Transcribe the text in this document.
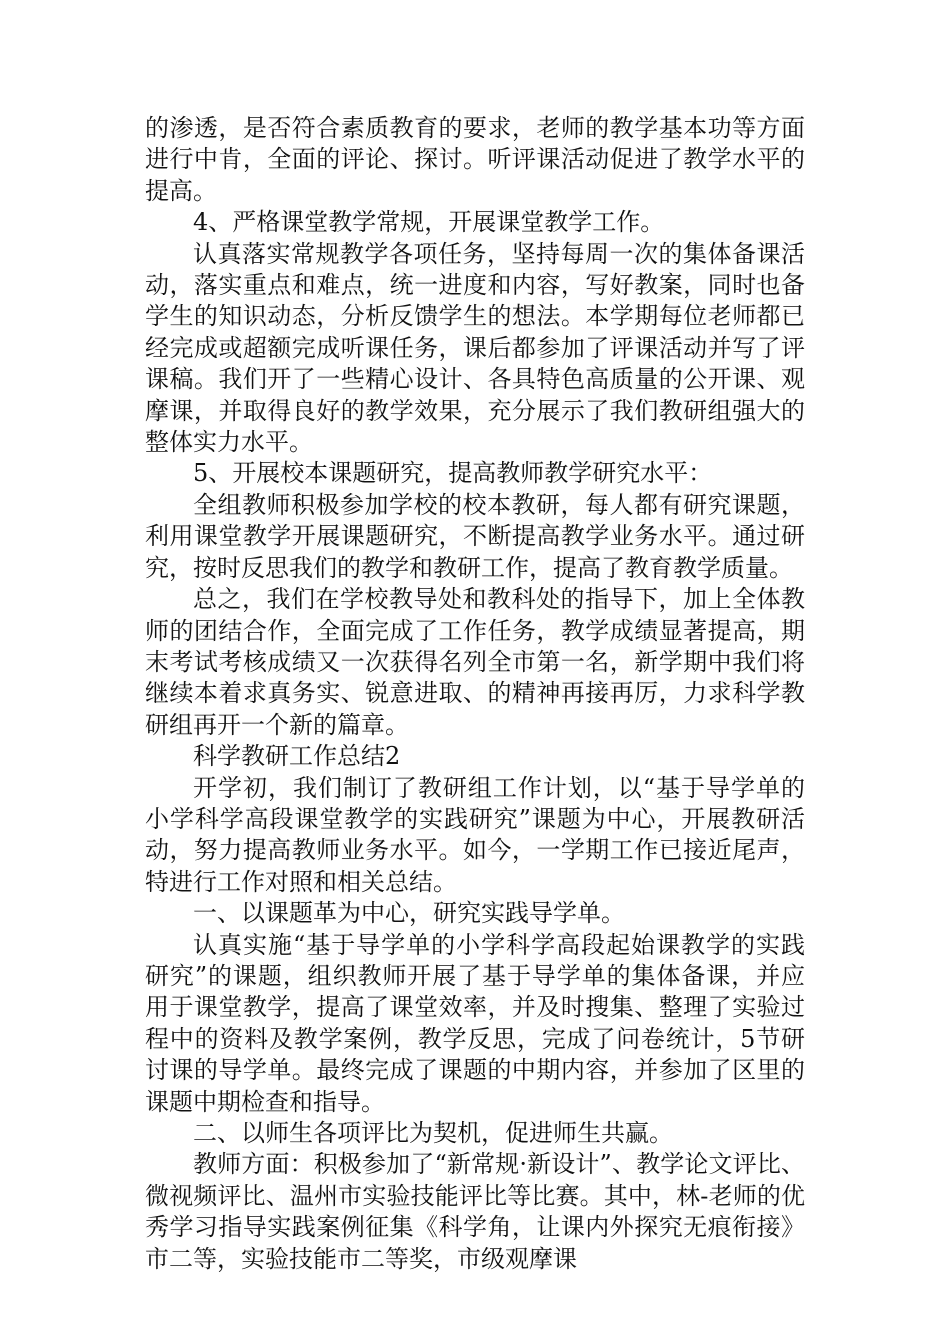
的渗透，是否符合素质教育的要求，老师的教学基本功等方面进行中肯，全面的评论、探讨。听评课活动促进了教学水平的提高。

4、严格课堂教学常规，开展课堂教学工作。

认真落实常规教学各项任务，坚持每周一次的集体备课活动，落实重点和难点，统一进度和内容，写好教案，同时也备学生的知识动态，分析反馈学生的想法。本学期每位老师都已经完成或超额完成听课任务，课后都参加了评课活动并写了评课稿。我们开了一些精心设计、各具特色高质量的公开课、观摩课，并取得良好的教学效果，充分展示了我们教研组强大的整体实力水平。

5、开展校本课题研究，提高教师教学研究水平：

全组教师积极参加学校的校本教研，每人都有研究课题，利用课堂教学开展课题研究，不断提高教学业务水平。通过研究，按时反思我们的教学和教研工作，提高了教育教学质量。

总之，我们在学校教导处和教科处的指导下，加上全体教师的团结合作，全面完成了工作任务，教学成绩显著提高，期末考试考核成绩又一次获得名列全市第一名，新学期中我们将继续本着求真务实、锐意进取、的精神再接再厉，力求科学教研组再开一个新的篇章。

科学教研工作总结2

开学初，我们制订了教研组工作计划，以“基于导学单的小学科学高段课堂教学的实践研究”课题为中心，开展教研活动，努力提高教师业务水平。如今，一学期工作已接近尾声，特进行工作对照和相关总结。

一、以课题革为中心，研究实践导学单。

认真实施“基于导学单的小学科学高段起始课教学的实践研究”的课题，组织教师开展了基于导学单的集体备课，并应用于课堂教学，提高了课堂效率，并及时搜集、整理了实验过程中的资料及教学案例，教学反思，完成了问卷统计，5节研讨课的导学单。最终完成了课题的中期内容，并参加了区里的课题中期检查和指导。

二、以师生各项评比为契机，促进师生共赢。

教师方面：积极参加了“新常规·新设计”、教学论文评比、微视频评比、温州市实验技能评比等比赛。其中，林-老师的优秀学习指导实践案例征集《科学角，让课内外探究无痕衔接》市二等，实验技能市二等奖，市级观摩课
